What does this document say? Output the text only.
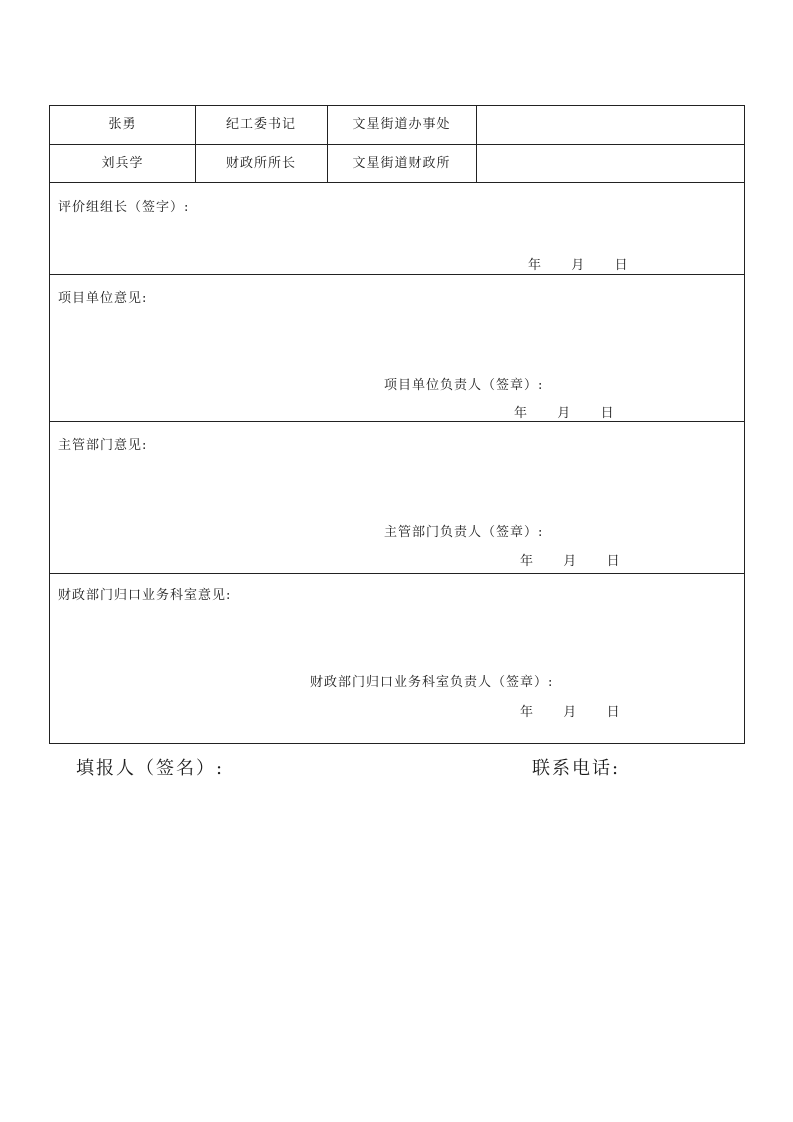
张勇	纪工委书记	文星街道办事处
刘兵学	财政所所长	文星街道财政所
评价组组长（签字）:
年 月 日
项目单位意见:
项目单位负责人（签章）:
年 月 日
主管部门意见:
主管部门负责人（签章）:
年 月 日
财政部门归口业务科室意见:
财政部门归口业务科室负责人（签章）:
年 月 日
填报人（签名）:	联系电话:
